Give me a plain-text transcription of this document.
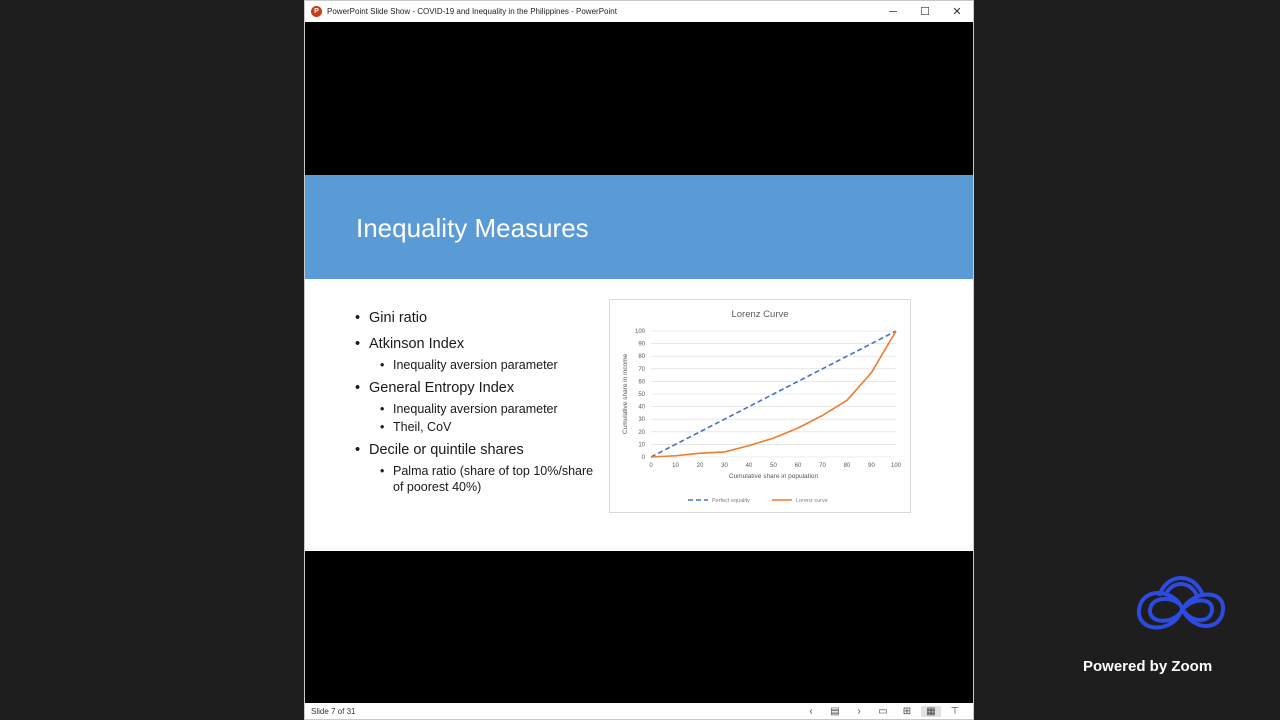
P	PowerPoint Slide Show - COVID-19 and Inequality in the Philippines - PowerPoint	─ ☐ ✕
Inequality Measures
• Gini ratio
• Atkinson Index
• Inequality aversion parameter
• General Entropy Index
• Inequality aversion parameter
• Theil, CoV
• Decile or quintile shares
• Palma ratio (share of top 10%/share of poorest 40%)
Lorenz Curve
0
10
20
30
40
50
60
70
80
90
100
0	10	20	30	40	50	60	70	80	90	100
Cumulative share in population
Cumulative share in income
Perfect equality	Lorenz curve
Slide 7 of 31	‹	▤	›	▭	⊞	▦	⊤
Powered by Zoom
